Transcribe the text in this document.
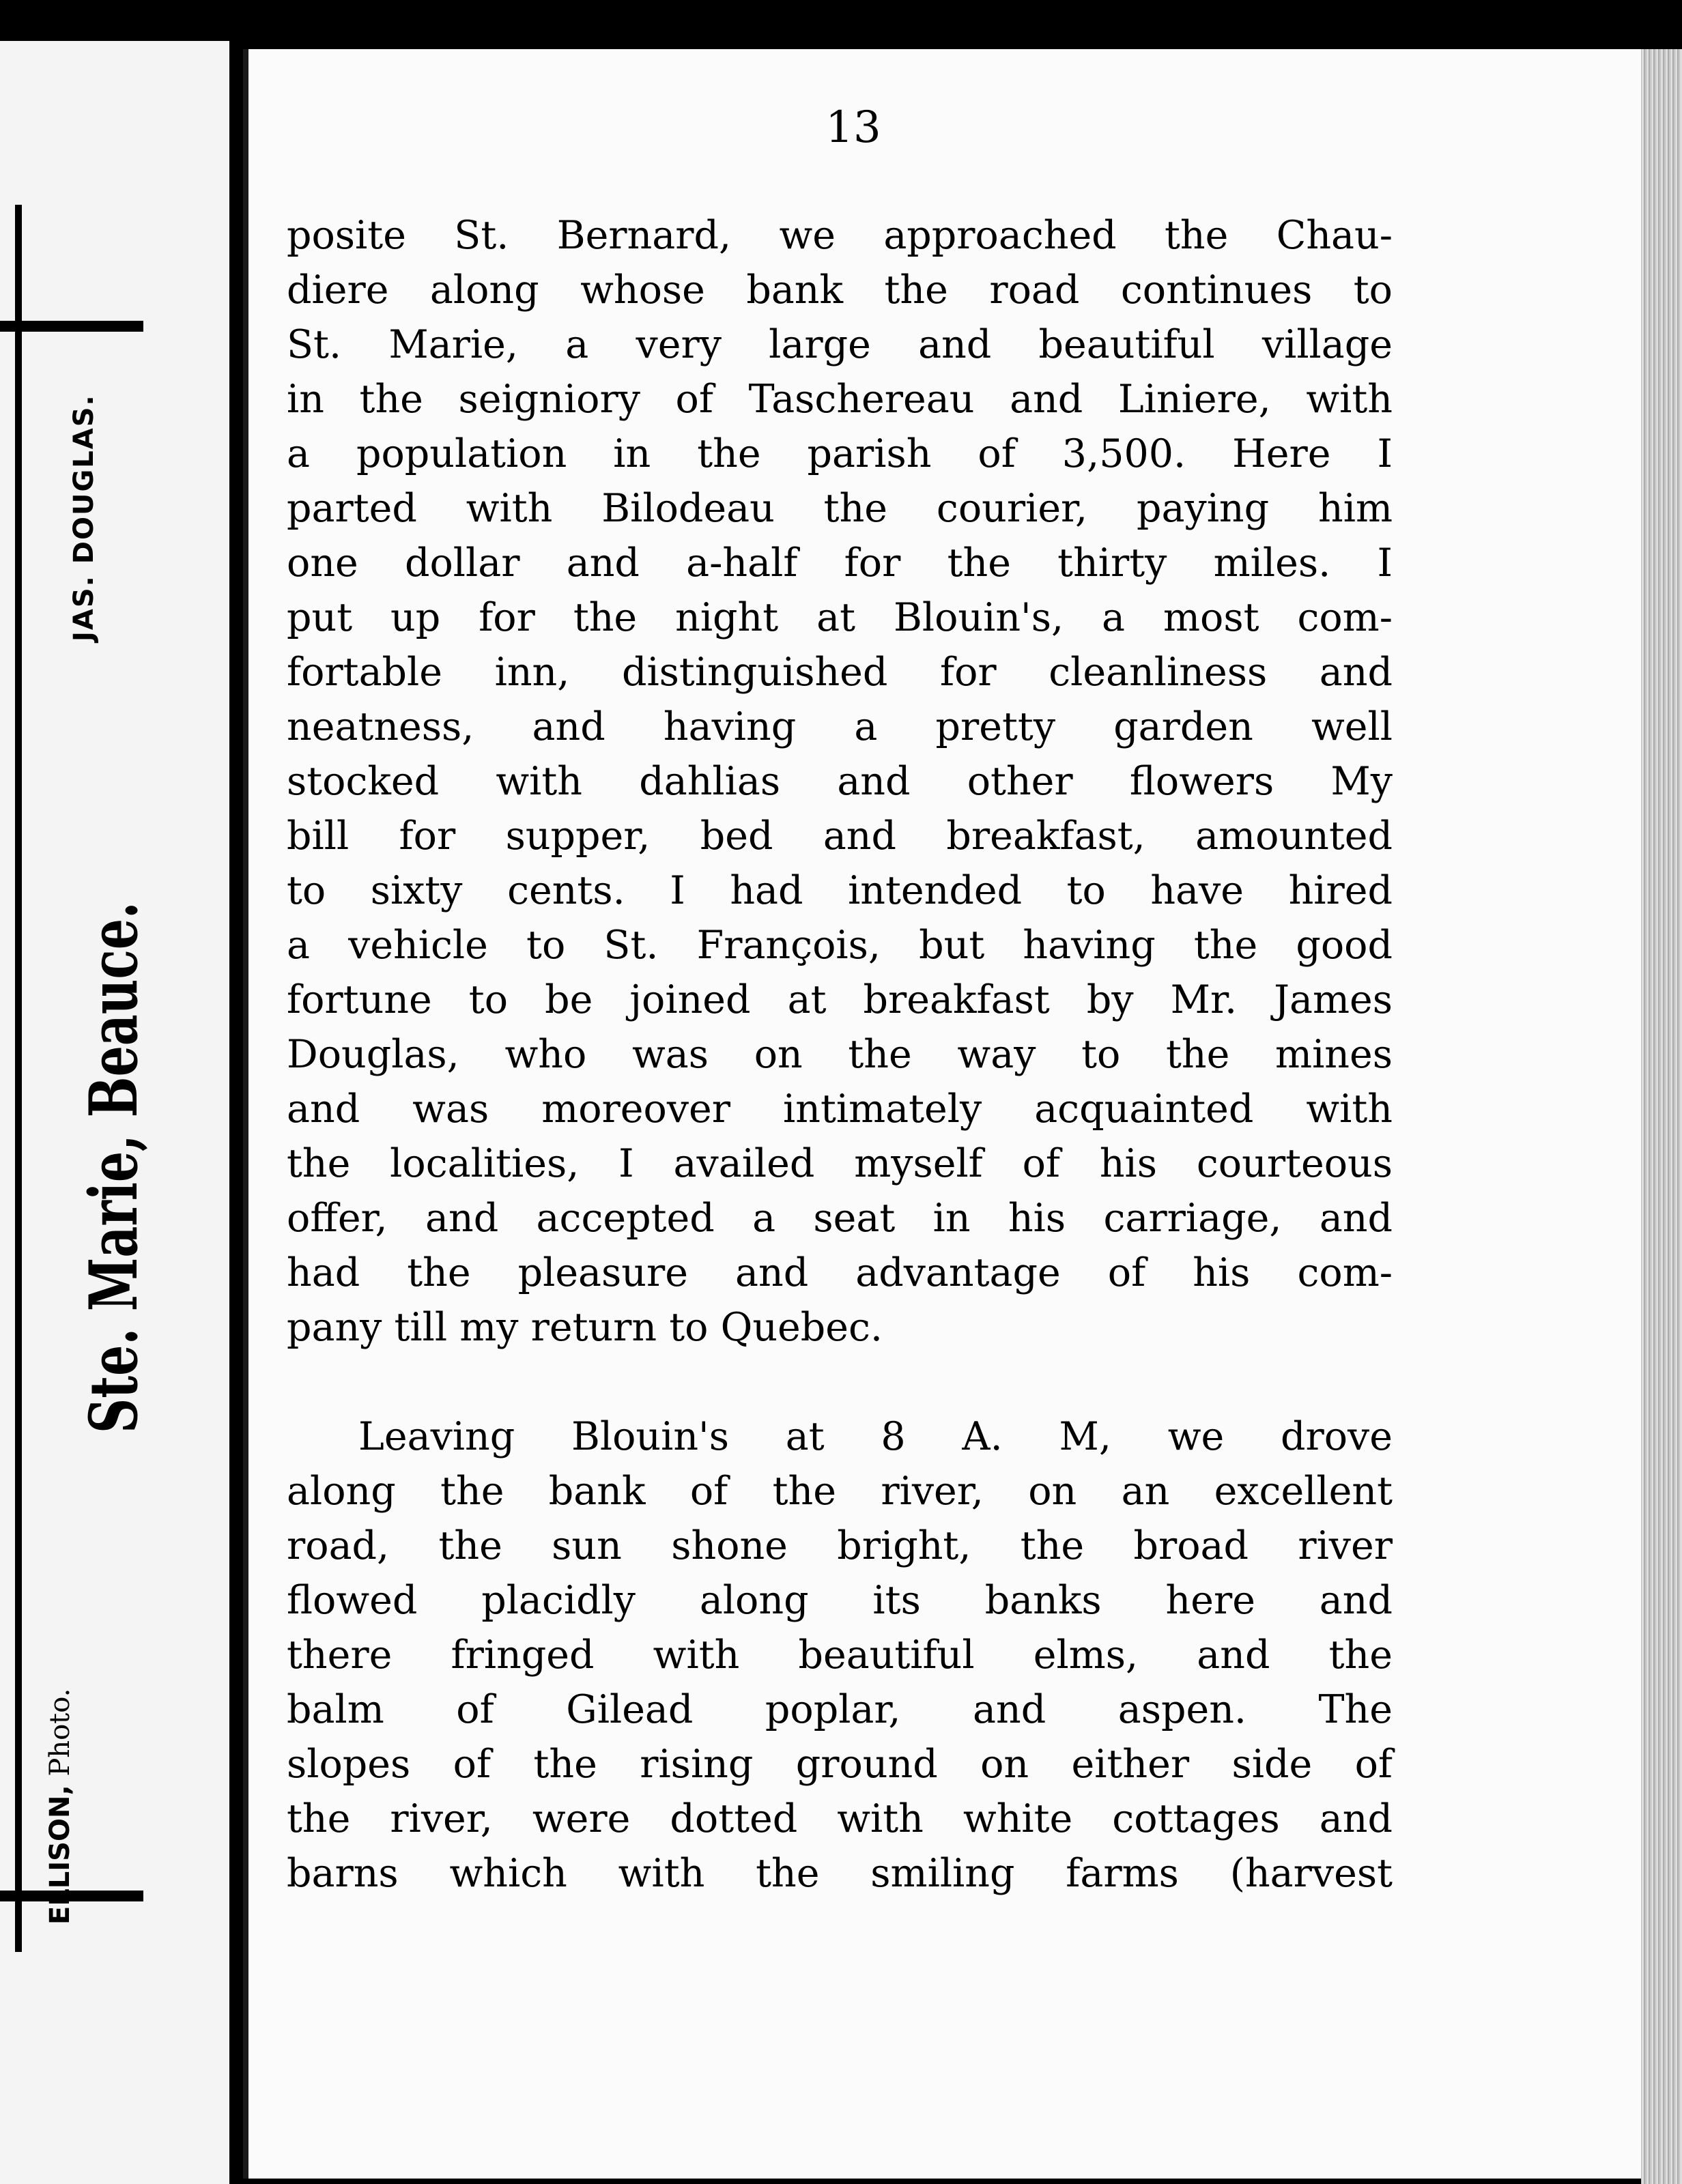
JAS. DOUGLAS.
Ste. Marie, Beauce.
ELLISON, Photo.
13
posite St. Bernard, we approached the Chau-
diere along whose bank the road continues to
St. Marie, a very large and beautiful village
in the seigniory of Taschereau and Liniere, with
a population in the parish of 3,500. Here I
parted with Bilodeau the courier, paying him
one dollar and a-half for the thirty miles. I
put up for the night at Blouin's, a most com-
fortable inn, distinguished for cleanliness and
neatness, and having a pretty garden well
stocked with dahlias and other flowers My
bill for supper, bed and breakfast, amounted
to sixty cents. I had intended to have hired
a vehicle to St. François, but having the good
fortune to be joined at breakfast by Mr. James
Douglas, who was on the way to the mines
and was moreover intimately acquainted with
the localities, I availed myself of his courteous
offer, and accepted a seat in his carriage, and
had the pleasure and advantage of his com-
pany till my return to Quebec.
Leaving Blouin's at 8 A. M, we drove
along the bank of the river, on an excellent
road, the sun shone bright, the broad river
flowed placidly along its banks here and
there fringed with beautiful elms, and the
balm of Gilead poplar, and aspen. The
slopes of the rising ground on either side of
the river, were dotted with white cottages and
barns which with the smiling farms (harvest
